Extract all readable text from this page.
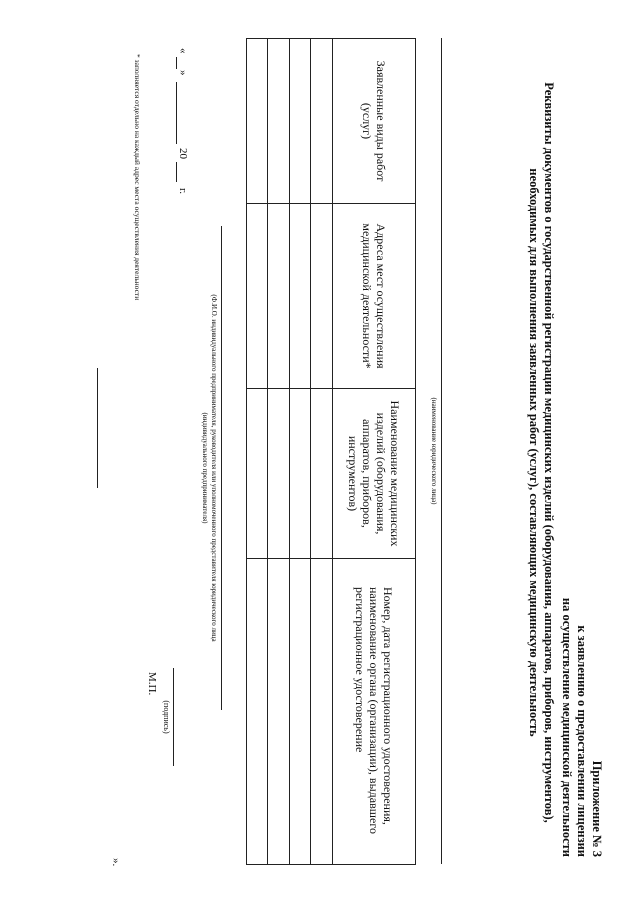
Приложение № 3
к заявлению о предоставлении лицензии
на осуществление медицинской деятельности
Реквизиты документов о государственной регистрации медицинских изделий (оборудования, аппаратов, приборов, инструментов),
необходимых для выполнения заявленных работ (услуг), составляющих медицинскую деятельность
(наименование юридического лица)
Заявленные виды работ (услуг)	Адреса мест осуществления медицинской деятельности*	Наименование медицинских изделий (оборудования, аппаратов, приборов, инструментов)	Номер, дата регистрационного удостоверения, наименование органа (организации), выдавшего регистрационное удостоверение

(Ф.И.О. индивидуального предпринимателя, руководителя или уполномоченного представителя юридического лица
(индивидуального предпринимателя)
(подпись)
М.П.
«
»
20
г.
».
* заполняется отдельно на каждый адрес места осуществления деятельности
